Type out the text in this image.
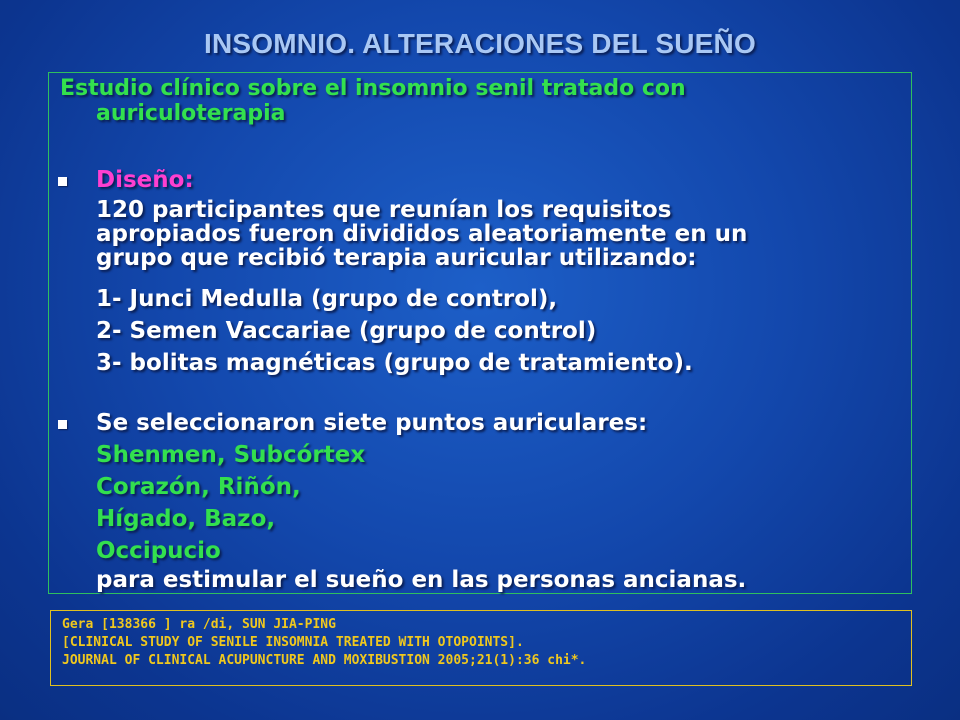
INSOMNIO. ALTERACIONES DEL SUEÑO
Estudio clínico sobre el insomnio senil tratado con
auriculoterapia
Diseño:
120 participantes que reunían los requisitos
apropiados fueron divididos aleatoriamente en un
grupo que recibió terapia auricular utilizando:
1- Junci Medulla (grupo de control),
2- Semen Vaccariae (grupo de control)
3- bolitas magnéticas (grupo de tratamiento).
Se seleccionaron siete puntos auriculares:
Shenmen, Subcórtex
Corazón, Riñón,
Hígado, Bazo,
Occipucio
para estimular el sueño en las personas ancianas.
Gera [138366 ] ra /di, SUN JIA-PING
[CLINICAL STUDY OF SENILE INSOMNIA TREATED WITH OTOPOINTS].
JOURNAL OF CLINICAL ACUPUNCTURE AND MOXIBUSTION 2005;21(1):36 chi*.
